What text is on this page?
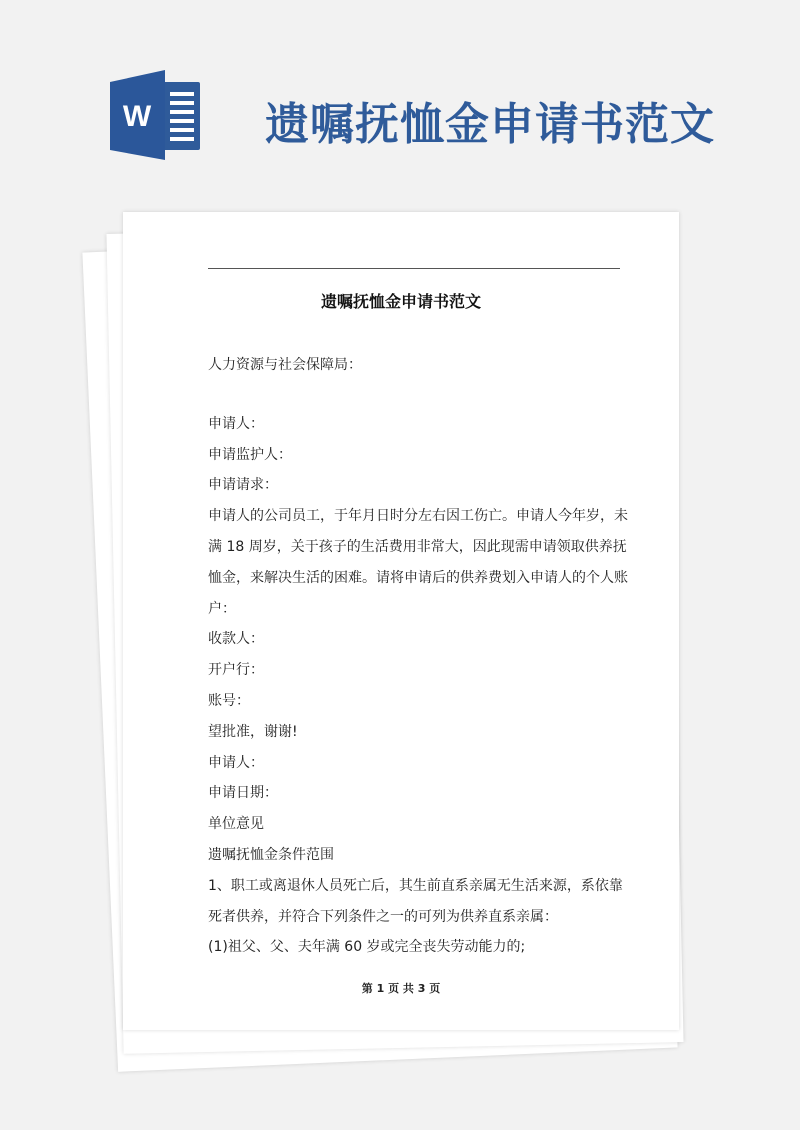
W	遗嘱抚恤金申请书范文
遗嘱抚恤金申请书范文
人力资源与社会保障局：
申请人：
申请监护人：
申请请求：
申请人的公司员工，于年月日时分左右因工伤亡。申请人今年岁，未
满 18 周岁，关于孩子的生活费用非常大，因此现需申请领取供养抚
恤金，来解决生活的困难。请将申请后的供养费划入申请人的个人账
户：
收款人：
开户行：
账号：
望批准，谢谢!
申请人：
申请日期：
单位意见
遗嘱抚恤金条件范围
1、职工或离退休人员死亡后，其生前直系亲属无生活来源，系依靠
死者供养，并符合下列条件之一的可列为供养直系亲属：
(1)祖父、父、夫年满 60 岁或完全丧失劳动能力的;
第 1 页 共 3 页
